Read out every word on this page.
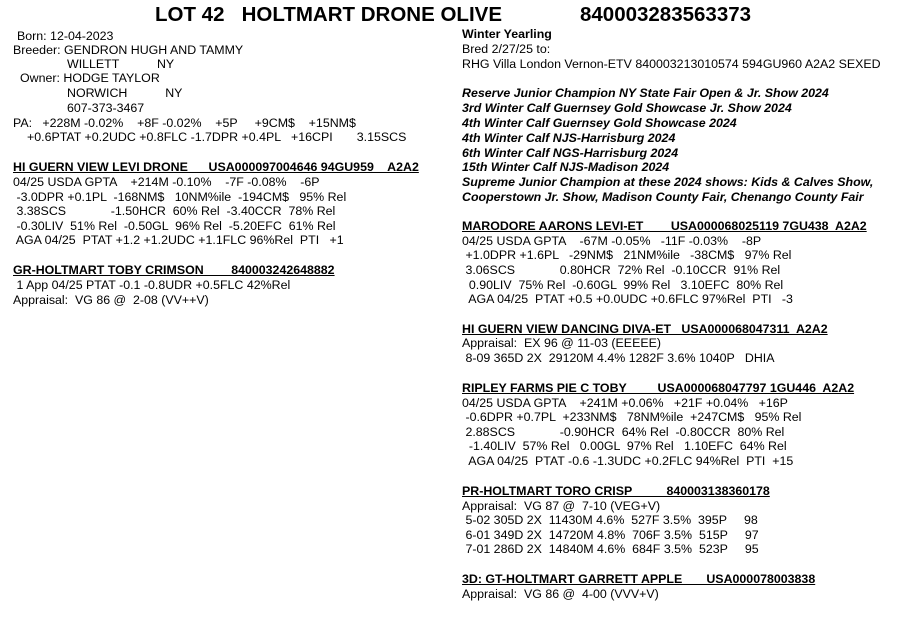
LOT 42   HOLTMART DRONE OLIVE	840003283563373
Born: 12-04-2023
Breeder: GENDRON HUGH AND TAMMY
WILLETT           NY
Owner: HODGE TAYLOR
NORWICH           NY
607-373-3467
PA:   +228M -0.02%    +8F -0.02%    +5P     +9CM$    +15NM$
+0.6PTAT +0.2UDC +0.8FLC -1.7DPR +0.4PL   +16CPI       3.15SCS
HI GUERN VIEW LEVI DRONE      USA000097004646 94GU959    A2A2
04/25 USDA GPTA    +214M -0.10%    -7F -0.08%    -6P
-3.0DPR +0.1PL  -168NM$   10NM%ile  -194CM$   95% Rel
3.38SCS             -1.50HCR  60% Rel  -3.40CCR  78% Rel
-0.30LIV  51% Rel  -0.50GL  96% Rel  -5.20EFC  61% Rel
AGA 04/25  PTAT +1.2 +1.2UDC +1.1FLC 96%Rel  PTI   +1
GR-HOLTMART TOBY CRIMSON        840003242648882
1 App 04/25 PTAT -0.1 -0.8UDR +0.5FLC 42%Rel
Appraisal:  VG 86 @  2-08 (VV++V)
Winter Yearling
Bred 2/27/25 to:
RHG Villa London Vernon-ETV 840003213010574 594GU960 A2A2 SEXED
Reserve Junior Champion NY State Fair Open & Jr. Show 2024
3rd Winter Calf Guernsey Gold Showcase Jr. Show 2024
4th Winter Calf Guernsey Gold Showcase 2024
4th Winter Calf NJS-Harrisburg 2024
6th Winter Calf NGS-Harrisburg 2024
15th Winter Calf NJS-Madison 2024
Supreme Junior Champion at these 2024 shows: Kids & Calves Show,
Cooperstown Jr. Show, Madison County Fair, Chenango County Fair
MARODORE AARONS LEVI-ET        USA000068025119 7GU438  A2A2
04/25 USDA GPTA    -67M -0.05%   -11F -0.03%    -8P
+1.0DPR +1.6PL   -29NM$   21NM%ile   -38CM$   97% Rel
3.06SCS             0.80HCR  72% Rel  -0.10CCR  91% Rel
0.90LIV  75% Rel  -0.60GL  99% Rel   3.10EFC  80% Rel
AGA 04/25  PTAT +0.5 +0.0UDC +0.6FLC 97%Rel  PTI   -3
HI GUERN VIEW DANCING DIVA-ET   USA000068047311  A2A2
Appraisal:  EX 96 @ 11-03 (EEEEE)
8-09 365D 2X  29120M 4.4% 1282F 3.6% 1040P   DHIA
RIPLEY FARMS PIE C TOBY         USA000068047797 1GU446  A2A2
04/25 USDA GPTA    +241M +0.06%   +21F +0.04%   +16P
-0.6DPR +0.7PL  +233NM$   78NM%ile  +247CM$   95% Rel
2.88SCS             -0.90HCR  64% Rel  -0.80CCR  80% Rel
-1.40LIV  57% Rel   0.00GL  97% Rel   1.10EFC  64% Rel
AGA 04/25  PTAT -0.6 -1.3UDC +0.2FLC 94%Rel  PTI  +15
PR-HOLTMART TORO CRISP          840003138360178
Appraisal:  VG 87 @  7-10 (VEG+V)
5-02 305D 2X  11430M 4.6%  527F 3.5%  395P     98
6-01 349D 2X  14720M 4.8%  706F 3.5%  515P     97
7-01 286D 2X  14840M 4.6%  684F 3.5%  523P     95
3D: GT-HOLTMART GARRETT APPLE       USA000078003838
Appraisal:  VG 86 @  4-00 (VVV+V)
